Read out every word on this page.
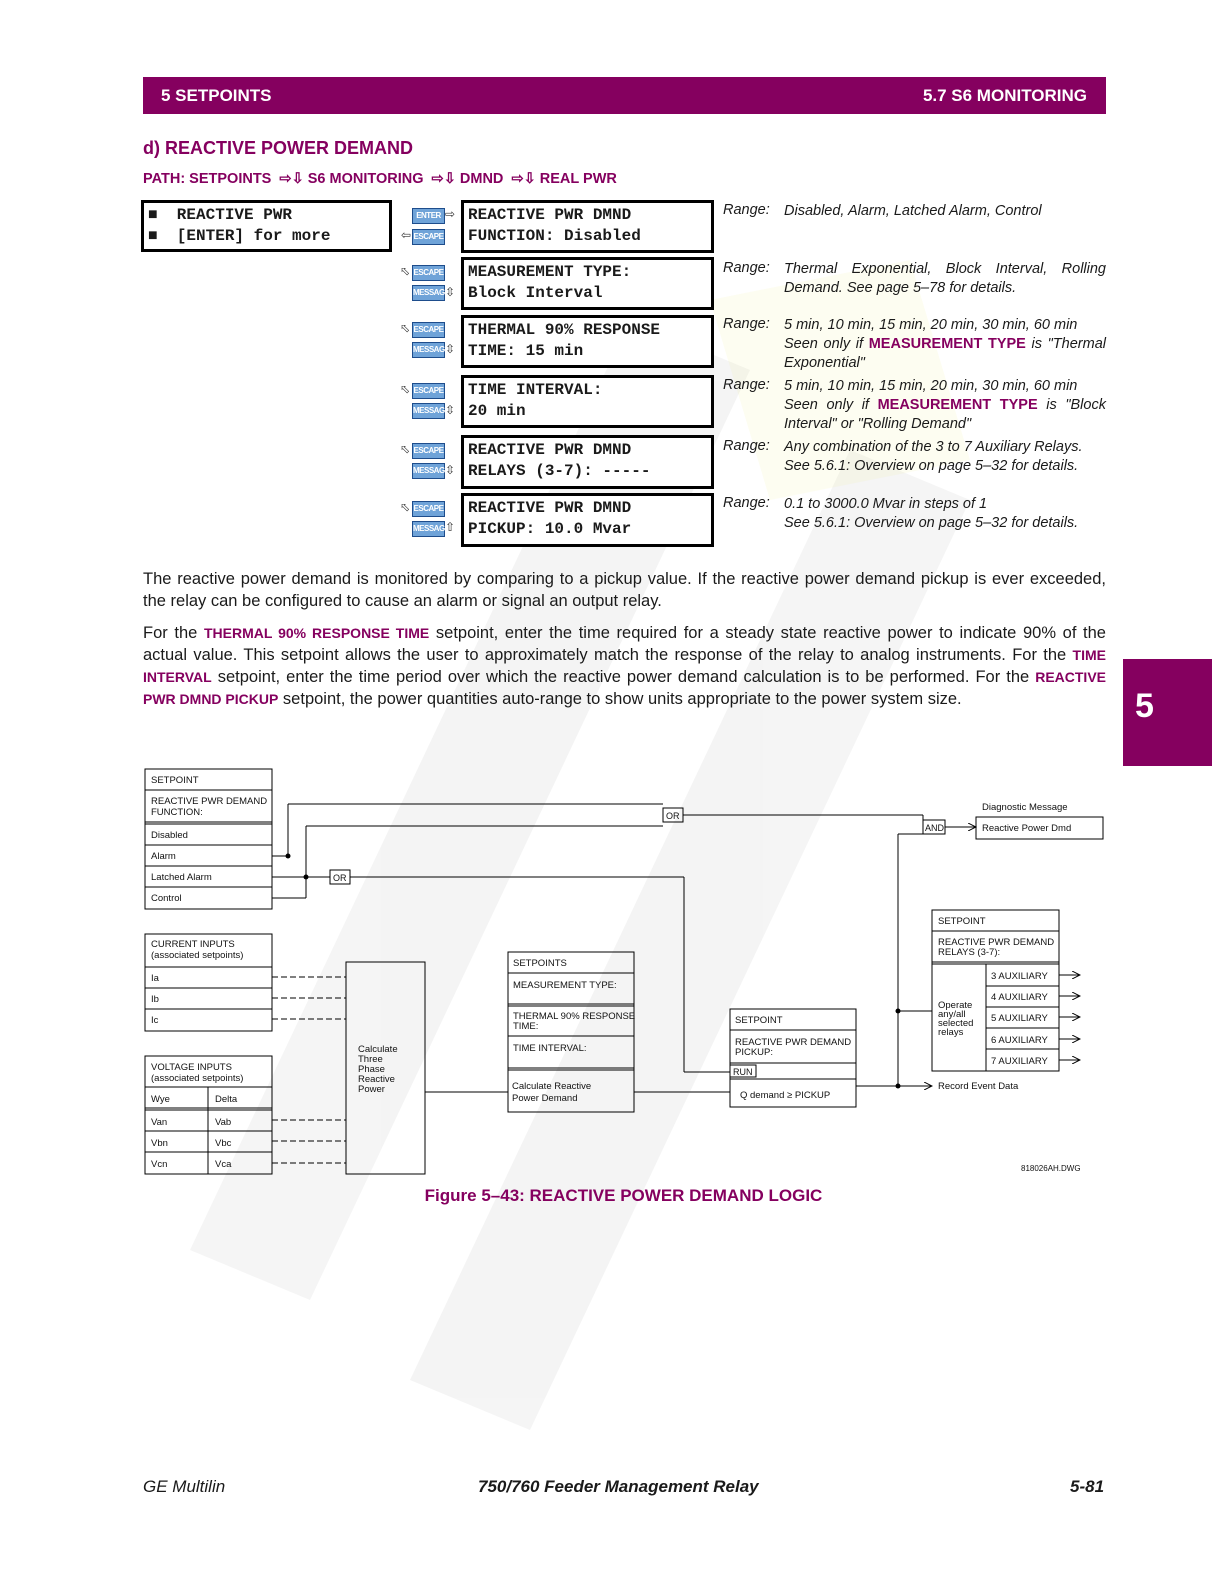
5 SETPOINTS	5.7 S6 MONITORING
5
d) REACTIVE POWER DEMAND
PATH: SETPOINTS  ⇨⇩ S6 MONITORING  ⇨⇩ DMND  ⇨⇩ REAL PWR
■  REACTIVE PWR
■  [ENTER] for more
ENTER ⇨
⇦ ESCAPE
REACTIVE PWR DMND
FUNCTION: Disabled
Range: Disabled, Alarm, Latched Alarm, Control
⬁ ESCAPE
MESSAGE
⇳
MEASUREMENT TYPE:
Block Interval
Range: Thermal Exponential, Block Interval, Rolling Demand. See page 5–78 for details.
⬁ ESCAPE
MESSAGE
⇳
THERMAL 90% RESPONSE
TIME: 15 min
Range: 5 min, 10 min, 15 min, 20 min, 30 min, 60 min
Seen only if MEASUREMENT TYPE is "Thermal Exponential"
⬁ ESCAPE
MESSAGE
⇳
TIME INTERVAL:
20 min
Range: 5 min, 10 min, 15 min, 20 min, 30 min, 60 min
Seen only if MEASUREMENT TYPE is "Block Interval" or "Rolling Demand"
⬁ ESCAPE
MESSAGE
⇳
REACTIVE PWR DMND
RELAYS (3-7): -----
Range: Any combination of the 3 to 7 Auxiliary Relays.
See 5.6.1: Overview on page 5–32 for details.
⬁ ESCAPE
MESSAGE
⇧
REACTIVE PWR DMND
PICKUP: 10.0 Mvar
Range: 0.1 to 3000.0 Mvar in steps of 1
See 5.6.1: Overview on page 5–32 for details.
The reactive power demand is monitored by comparing to a pickup value. If the reactive power demand pickup is ever exceeded, the relay can be configured to cause an alarm or signal an output relay.
For the THERMAL 90% RESPONSE TIME setpoint, enter the time required for a steady state reactive power to indicate 90% of the actual value. This setpoint allows the user to approximately match the response of the relay to analog instruments. For the TIME INTERVAL setpoint, enter the time period over which the reactive power demand calculation is to be performed. For the REACTIVE PWR DMND PICKUP setpoint, the power quantities auto-range to show units appropriate to the power system size.
SETPOINT
REACTIVE PWR DEMAND
FUNCTION:
Disabled
Alarm
Latched Alarm
Control
OR
OR
AND
Diagnostic Message
Reactive Power Dmd
CURRENT INPUTS
(associated setpoints)
Ia
Ib
Ic
VOLTAGE INPUTS
(associated setpoints)
Wye	Delta
Van	Vab
Vbn	Vbc
Vcn	Vca
Calculate
Three
Phase
Reactive
Power
SETPOINTS
MEASUREMENT TYPE:
THERMAL 90% RESPONSE
TIME:
TIME INTERVAL:
Calculate Reactive
Power Demand
SETPOINT
REACTIVE PWR DEMAND
PICKUP:
RUN
Q demand ≥ PICKUP
SETPOINT
REACTIVE PWR DEMAND
RELAYS (3-7):
Operate
any/all
selected
relays
3 AUXILIARY
4 AUXILIARY
5 AUXILIARY
6 AUXILIARY
7 AUXILIARY
Record Event Data
818026AH.DWG
Figure 5–43: REACTIVE POWER DEMAND LOGIC
GE Multilin	750/760 Feeder Management Relay	5-81
